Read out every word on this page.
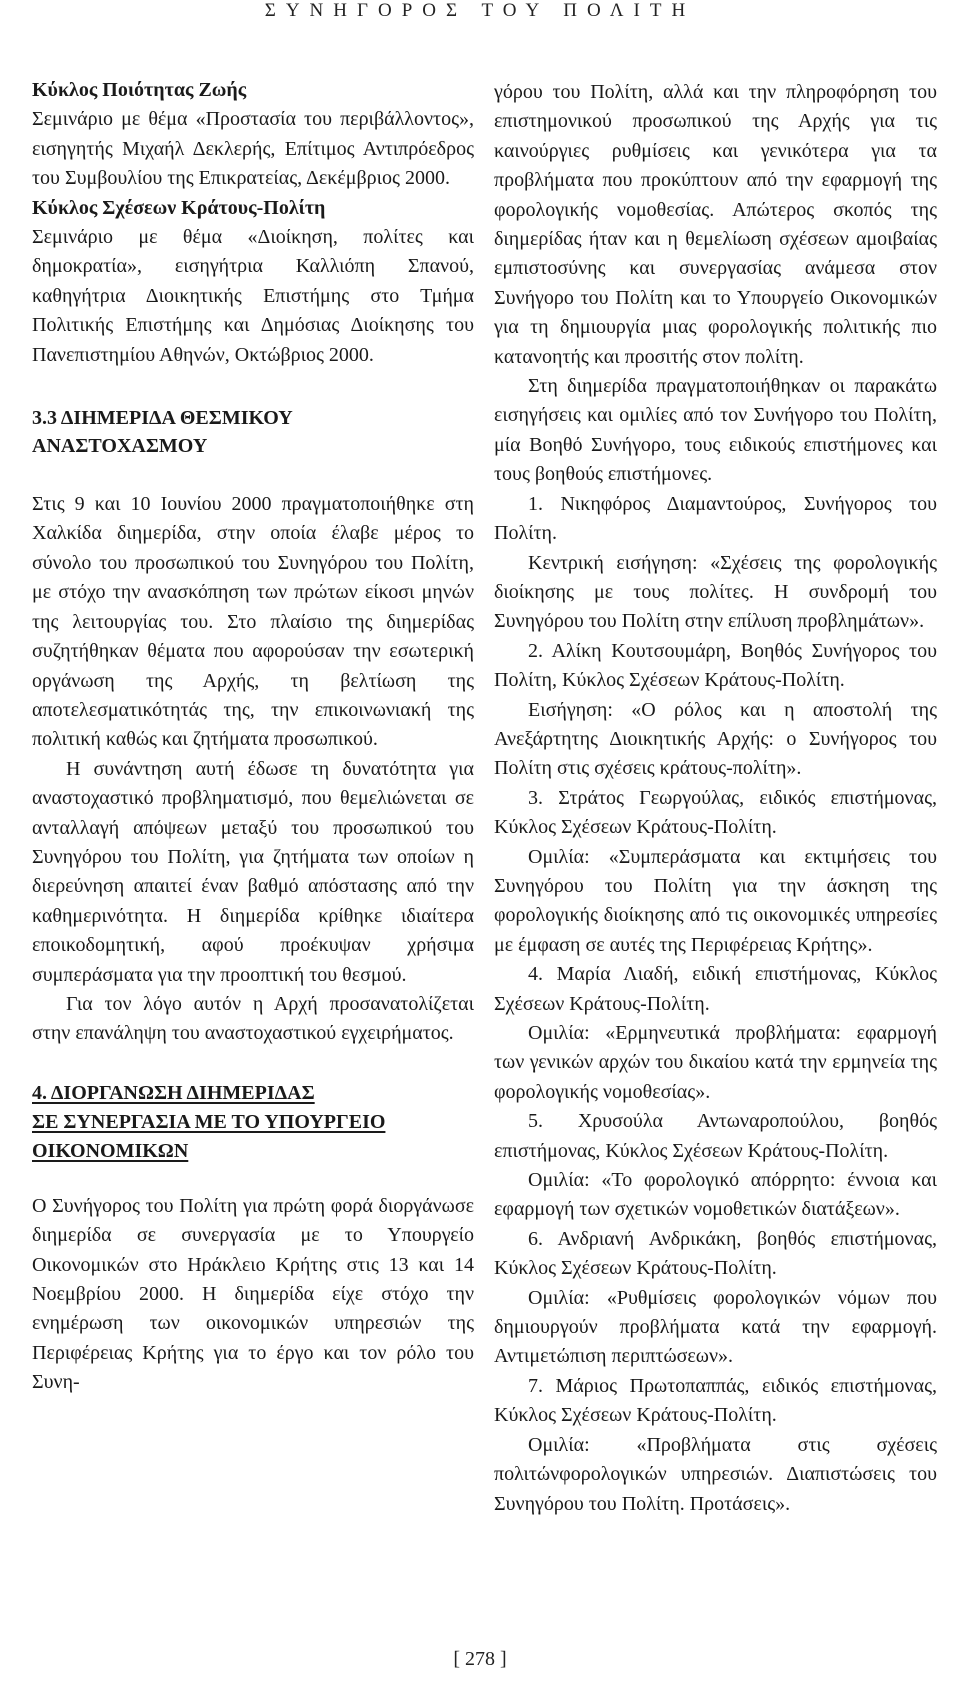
ΣΥΝΗΓΟΡΟΣ ΤΟΥ ΠΟΛΙΤΗ

Κύκλος Ποιότητας Ζωής

Σεμινάριο με θέμα «Προστασία του περιβάλλοντος», εισηγητής Μιχαήλ Δεκλερής, Επίτιμος Αντιπρόεδρος του Συμβουλίου της Επικρατείας, Δεκέμβριος 2000.

Κύκλος Σχέσεων Κράτους-Πολίτη

Σεμινάριο με θέμα «Διοίκηση, πολίτες και δημοκρατία», εισηγήτρια Καλλιόπη Σπανού, καθηγήτρια Διοικητικής Επιστήμης στο Τμήμα Πολιτικής Επιστήμης και Δημόσιας Διοίκησης του Πανεπιστημίου Αθηνών, Οκτώβριος 2000.

3.3 ΔΙΗΜΕΡΙΔΑ ΘΕΣΜΙΚΟΥ
ΑΝΑΣΤΟΧΑΣΜΟΥ

Στις 9 και 10 Ιουνίου 2000 πραγματοποιήθηκε στη Χαλκίδα διημερίδα, στην οποία έλαβε μέρος το σύνολο του προσωπικού του Συνηγόρου του Πολίτη, με στόχο την ανασκόπηση των πρώτων είκοσι μηνών της λειτουργίας του. Στο πλαίσιο της διημερίδας συζητήθηκαν θέματα που αφορούσαν την εσωτερική οργάνωση της Αρχής, τη βελτίωση της αποτελεσματικότητάς της, την επικοινωνιακή της πολιτική καθώς και ζητήματα προσωπικού.

Η συνάντηση αυτή έδωσε τη δυνατότητα για αναστοχαστικό προβληματισμό, που θεμελιώνεται σε ανταλλαγή απόψεων μεταξύ του προσωπικού του Συνηγόρου του Πολίτη, για ζητήματα των οποίων η διερεύνηση απαιτεί έναν βαθμό απόστασης από την καθημερινότητα. Η διημερίδα κρίθηκε ιδιαίτερα εποικοδομητική, αφού προέκυψαν χρήσιμα συμπεράσματα για την προοπτική του θεσμού.

Για τον λόγο αυτόν η Αρχή προσανατολίζεται στην επανάληψη του αναστοχαστικού εγχειρήματος.

4. ΔΙΟΡΓΑΝΩΣΗ ΔΙΗΜΕΡΙΔΑΣ
ΣΕ ΣΥΝΕΡΓΑΣΙΑ ΜΕ ΤΟ ΥΠΟΥΡΓΕΙΟ
ΟΙΚΟΝΟΜΙΚΩΝ

Ο Συνήγορος του Πολίτη για πρώτη φορά διοργάνωσε διημερίδα σε συνεργασία με το Υπουργείο Οικονομικών στο Ηράκλειο Κρήτης στις 13 και 14 Νοεμβρίου 2000. Η διημερίδα είχε στόχο την ενημέρωση των οικονομικών υπηρεσιών της Περιφέρειας Κρήτης για το έργο και τον ρόλο του Συνη-

γόρου του Πολίτη, αλλά και την πληροφόρηση του επιστημονικού προσωπικού της Αρχής για τις καινούργιες ρυθμίσεις και γενικότερα για τα προβλήματα που προκύπτουν από την εφαρμογή της φορολογικής νομοθεσίας. Απώτερος σκοπός της διημερίδας ήταν και η θεμελίωση σχέσεων αμοιβαίας εμπιστοσύνης και συνεργασίας ανάμεσα στον Συνήγορο του Πολίτη και το Υπουργείο Οικονομικών για τη δημιουργία μιας φορολογικής πολιτικής πιο κατανοητής και προσιτής στον πολίτη.

Στη διημερίδα πραγματοποιήθηκαν οι παρακάτω εισηγήσεις και ομιλίες από τον Συνήγορο του Πολίτη, μία Βοηθό Συνήγορο, τους ειδικούς επιστήμονες και τους βοηθούς επιστήμονες.

1. Νικηφόρος Διαμαντούρος, Συνήγορος του Πολίτη.

Κεντρική εισήγηση: «Σχέσεις της φορολογικής διοίκησης με τους πολίτες. Η συνδρομή του Συνηγόρου του Πολίτη στην επίλυση προβλημάτων».

2. Αλίκη Κουτσουμάρη, Βοηθός Συνήγορος του Πολίτη, Κύκλος Σχέσεων Κράτους-Πολίτη.

Εισήγηση: «Ο ρόλος και η αποστολή της Ανεξάρτητης Διοικητικής Αρχής: ο Συνήγορος του Πολίτη στις σχέσεις κράτους-πολίτη».

3. Στράτος Γεωργούλας, ειδικός επιστήμονας, Κύκλος Σχέσεων Κράτους-Πολίτη.

Ομιλία: «Συμπεράσματα και εκτιμήσεις του Συνηγόρου του Πολίτη για την άσκηση της φορολογικής διοίκησης από τις οικονομικές υπηρεσίες με έμφαση σε αυτές της Περιφέρειας Κρήτης».

4. Μαρία Λιαδή, ειδική επιστήμονας, Κύκλος Σχέσεων Κράτους-Πολίτη.

Ομιλία: «Ερμηνευτικά προβλήματα: εφαρμογή των γενικών αρχών του δικαίου κατά την ερμηνεία της φορολογικής νομοθεσίας».

5. Χρυσούλα Αντωναροπούλου, βοηθός επιστήμονας, Κύκλος Σχέσεων Κράτους-Πολίτη.

Ομιλία: «Το φορολογικό απόρρητο: έννοια και εφαρμογή των σχετικών νομοθετικών διατάξεων».

6. Ανδριανή Ανδρικάκη, βοηθός επιστήμονας, Κύκλος Σχέσεων Κράτους-Πολίτη.

Ομιλία: «Ρυθμίσεις φορολογικών νόμων που δημιουργούν προβλήματα κατά την εφαρμογή. Αντιμετώπιση περιπτώσεων».

7. Μάριος Πρωτοπαππάς, ειδικός επιστήμονας, Κύκλος Σχέσεων Κράτους-Πολίτη.

Ομιλία: «Προβλήματα στις σχέσεις πολιτώνφορολογικών υπηρεσιών. Διαπιστώσεις του Συνηγόρου του Πολίτη. Προτάσεις».

[ 278 ]
